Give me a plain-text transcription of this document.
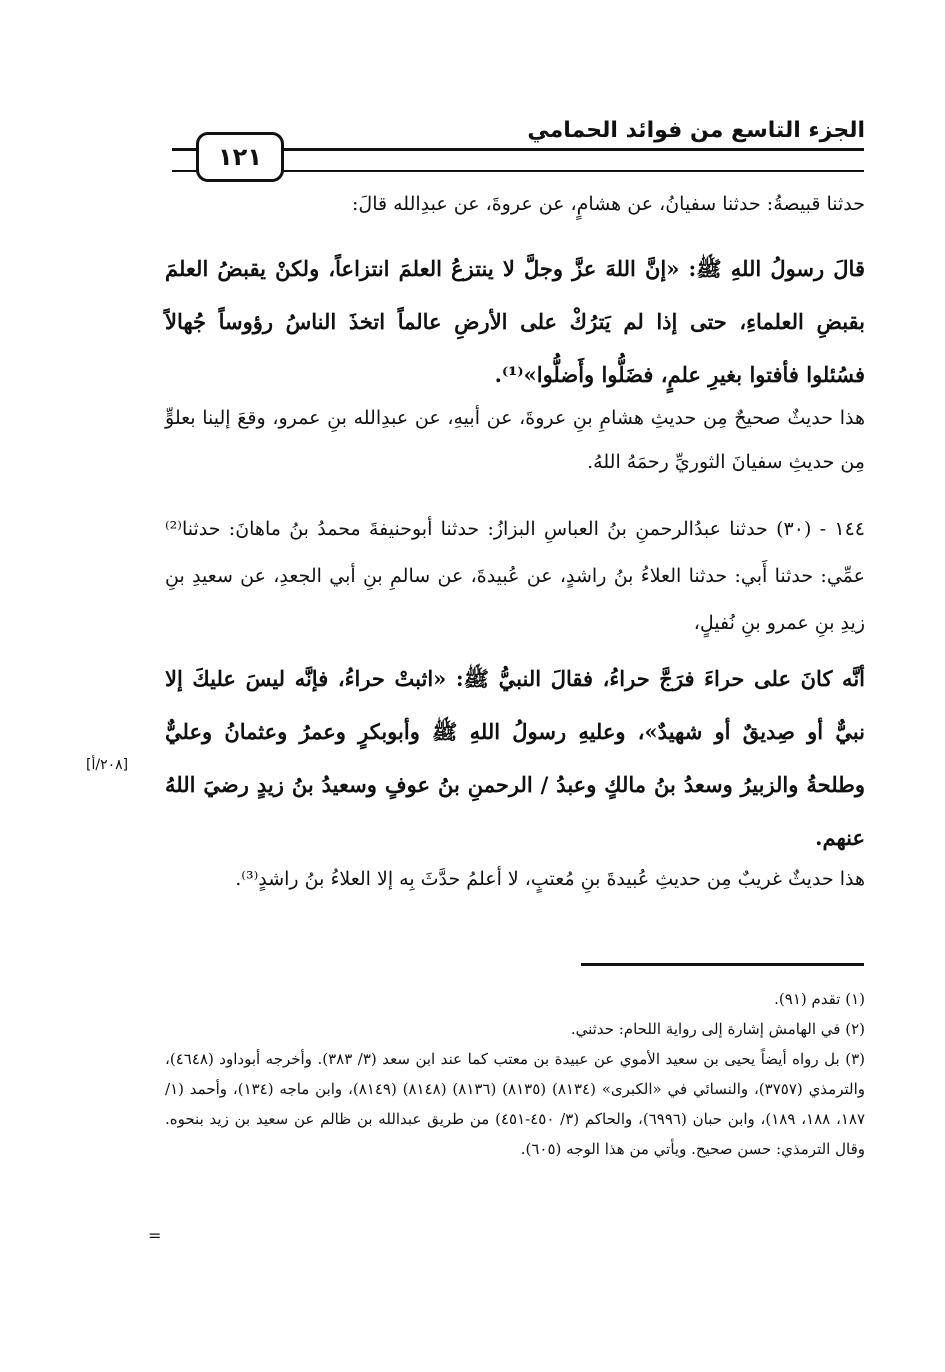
الجزء التاسع من فوائد الحمامي
١٢١

حدثنا قبيصةُ: حدثنا سفيانُ، عن هشامٍ، عن عروةَ، عن عبدِالله قالَ:

قالَ رسولُ اللهِ ﷺ: «إنَّ اللهَ عزَّ وجلَّ لا ينتزعُ العلمَ انتزاعاً، ولكنْ يقبضُ العلمَ بقبضِ العلماءِ، حتى إذا لم يَترُكْ على الأرضِ عالماً اتخذَ الناسُ رؤوساً جُهالاً فسُئلوا فأفتوا بغيرِ علمٍ، فضَلُّوا وأَضلُّوا»⁽¹⁾.

هذا حديثٌ صحيحٌ مِن حديثِ هشامِ بنِ عروةَ، عن أبيهِ، عن عبدِالله بنِ عمرو، وقعَ إلينا بعلوٍّ مِن حديثِ سفيانَ الثوريِّ رحمَهُ اللهُ.

١٤٤ - (٣٠) حدثنا عبدُالرحمنِ بنُ العباسِ البزازُ: حدثنا أبوحنيفةَ محمدُ بنُ ماهانَ: حدثنا⁽²⁾ عمِّي: حدثنا أَبي: حدثنا العلاءُ بنُ راشدٍ، عن عُبيدةَ، عن سالمِ بنِ أبي الجعدِ، عن سعيدِ بنِ زيدِ بنِ عمرو بنِ نُفيلٍ،

أنَّه كانَ على حراءَ فرَجَّ حراءُ، فقالَ النبيُّ ﷺ: «اثبتْ حراءُ، فإنَّه ليسَ عليكَ إلا نبيٌّ أو صِديقٌ أو شهيدٌ»، وعليهِ رسولُ اللهِ ﷺ وأبوبكرٍ وعمرُ وعثمانُ وعليٌّ وطلحةُ والزبيرُ وسعدُ بنُ مالكٍ وعبدُ / الرحمنِ بنُ عوفٍ وسعيدُ بنُ زيدٍ رضيَ اللهُ عنهم.

هذا حديثٌ غريبٌ مِن حديثِ عُبيدةَ بنِ مُعتبٍ، لا أعلمُ حدَّثَ بِه إلا العلاءُ بنُ راشدٍ⁽³⁾.

[٢٠٨/أ]

(١) تقدم (٩١).

(٢) في الهامش إشارة إلى رواية اللحام: حدثني.

(٣) بل رواه أيضاً يحيى بن سعيد الأموي عن عبيدة بن معتب كما عند ابن سعد (٣/ ٣٨٣). وأخرجه أبوداود (٤٦٤٨)، والترمذي (٣٧٥٧)، والنسائي في «الكبرى» (٨١٣٤) (٨١٣٥) (٨١٣٦) (٨١٤٨) (٨١٤٩)، وابن ماجه (١٣٤)، وأحمد (١/ ١٨٧، ١٨٨، ١٨٩)، وابن حبان (٦٩٩٦)، والحاكم (٣/ ٤٥٠-٤٥١) من طريق عبدالله بن ظالم عن سعيد بن زيد بنحوه. وقال الترمذي: حسن صحيح. ويأتي من هذا الوجه (٦٠٥).

=
